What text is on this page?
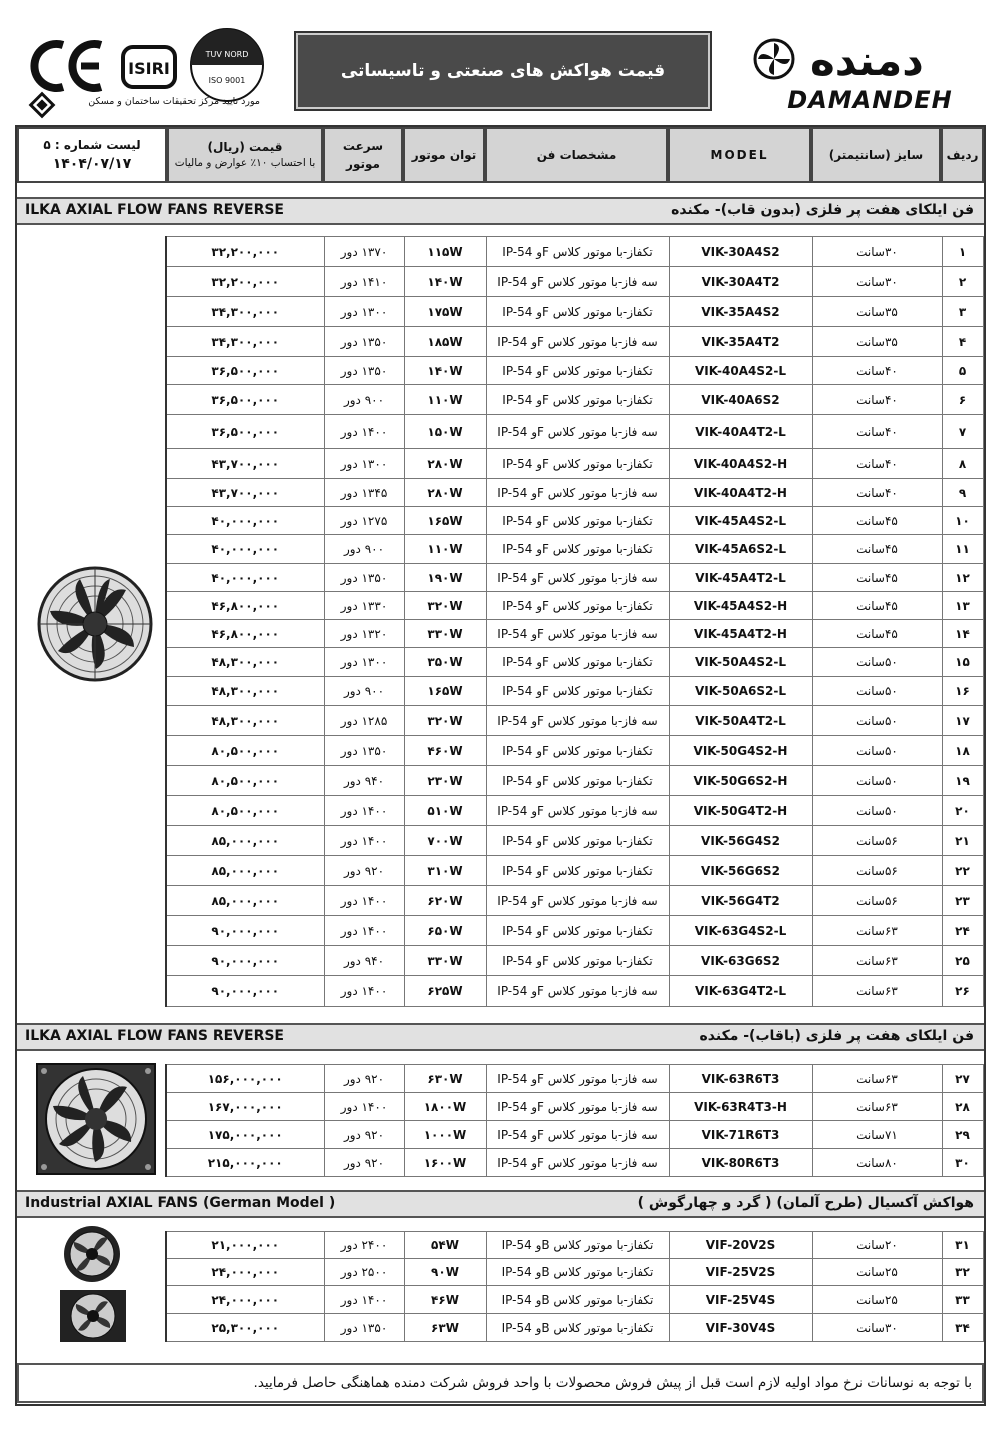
ISIRI
TUV NORD
ISO 9001
مورد تایید مرکز تحقیقات ساختمان و مسکن
قیمت هواکش های صنعتی و تاسیساتی	دمنده
DAMANDEH
لیست شماره : ۵
۱۴۰۴/۰۷/۱۷
قیمت (ریال)
با احتساب ۱۰٪ عوارض و مالیات
سرعت موتور
توان موتور	مشخصات فن	MODEL	سایز (سانتیمتر)	ردیف
ILKA AXIAL FLOW FANS REVERSE	فن ایلکای هفت پر فلزی (بدون قاب)- مکنده
۳۲,۲۰۰,۰۰۰	۱۳۷۰ دور	۱۱۵W	تکفاز-با موتور کلاس Fو IP-54	VIK-30A4S2	۳۰سانت	۱
۳۲,۲۰۰,۰۰۰	۱۴۱۰ دور	۱۴۰W	سه فاز-با موتور کلاس Fو IP-54	VIK-30A4T2	۳۰سانت	۲
۳۴,۳۰۰,۰۰۰	۱۳۰۰ دور	۱۷۵W	تکفاز-با موتور کلاس Fو IP-54	VIK-35A4S2	۳۵سانت	۳
۳۴,۳۰۰,۰۰۰	۱۳۵۰ دور	۱۸۵W	سه فاز-با موتور کلاس Fو IP-54	VIK-35A4T2	۳۵سانت	۴
۳۶,۵۰۰,۰۰۰	۱۳۵۰ دور	۱۴۰W	تکفاز-با موتور کلاس Fو IP-54	VIK-40A4S2-L	۴۰سانت	۵
۳۶,۵۰۰,۰۰۰	۹۰۰ دور	۱۱۰W	تکفاز-با موتور کلاس Fو IP-54	VIK-40A6S2	۴۰سانت	۶
۳۶,۵۰۰,۰۰۰	۱۴۰۰ دور	۱۵۰W	سه فاز-با موتور کلاس Fو IP-54	VIK-40A4T2-L	۴۰سانت	۷
۴۳,۷۰۰,۰۰۰	۱۳۰۰ دور	۲۸۰W	تکفاز-با موتور کلاس Fو IP-54	VIK-40A4S2-H	۴۰سانت	۸
۴۳,۷۰۰,۰۰۰	۱۳۴۵ دور	۲۸۰W	سه فاز-با موتور کلاس Fو IP-54	VIK-40A4T2-H	۴۰سانت	۹
۴۰,۰۰۰,۰۰۰	۱۲۷۵ دور	۱۶۵W	تکفاز-با موتور کلاس Fو IP-54	VIK-45A4S2-L	۴۵سانت	۱۰
۴۰,۰۰۰,۰۰۰	۹۰۰ دور	۱۱۰W	تکفاز-با موتور کلاس Fو IP-54	VIK-45A6S2-L	۴۵سانت	۱۱
۴۰,۰۰۰,۰۰۰	۱۳۵۰ دور	۱۹۰W	سه فاز-با موتور کلاس Fو IP-54	VIK-45A4T2-L	۴۵سانت	۱۲
۴۶,۸۰۰,۰۰۰	۱۳۳۰ دور	۳۲۰W	تکفاز-با موتور کلاس Fو IP-54	VIK-45A4S2-H	۴۵سانت	۱۳
۴۶,۸۰۰,۰۰۰	۱۳۲۰ دور	۳۳۰W	سه فاز-با موتور کلاس Fو IP-54	VIK-45A4T2-H	۴۵سانت	۱۴
۴۸,۳۰۰,۰۰۰	۱۳۰۰ دور	۳۵۰W	تکفاز-با موتور کلاس Fو IP-54	VIK-50A4S2-L	۵۰سانت	۱۵
۴۸,۳۰۰,۰۰۰	۹۰۰ دور	۱۶۵W	تکفاز-با موتور کلاس Fو IP-54	VIK-50A6S2-L	۵۰سانت	۱۶
۴۸,۳۰۰,۰۰۰	۱۲۸۵ دور	۳۲۰W	سه فاز-با موتور کلاس Fو IP-54	VIK-50A4T2-L	۵۰سانت	۱۷
۸۰,۵۰۰,۰۰۰	۱۳۵۰ دور	۴۶۰W	تکفاز-با موتور کلاس Fو IP-54	VIK-50G4S2-H	۵۰سانت	۱۸
۸۰,۵۰۰,۰۰۰	۹۴۰ دور	۲۳۰W	تکفاز-با موتور کلاس Fو IP-54	VIK-50G6S2-H	۵۰سانت	۱۹
۸۰,۵۰۰,۰۰۰	۱۴۰۰ دور	۵۱۰W	سه فاز-با موتور کلاس Fو IP-54	VIK-50G4T2-H	۵۰سانت	۲۰
۸۵,۰۰۰,۰۰۰	۱۴۰۰ دور	۷۰۰W	تکفاز-با موتور کلاس Fو IP-54	VIK-56G4S2	۵۶سانت	۲۱
۸۵,۰۰۰,۰۰۰	۹۲۰ دور	۳۱۰W	تکفاز-با موتور کلاس Fو IP-54	VIK-56G6S2	۵۶سانت	۲۲
۸۵,۰۰۰,۰۰۰	۱۴۰۰ دور	۶۲۰W	سه فاز-با موتور کلاس Fو IP-54	VIK-56G4T2	۵۶سانت	۲۳
۹۰,۰۰۰,۰۰۰	۱۴۰۰ دور	۶۵۰W	تکفاز-با موتور کلاس Fو IP-54	VIK-63G4S2-L	۶۳سانت	۲۴
۹۰,۰۰۰,۰۰۰	۹۴۰ دور	۳۳۰W	تکفاز-با موتور کلاس Fو IP-54	VIK-63G6S2	۶۳سانت	۲۵
۹۰,۰۰۰,۰۰۰	۱۴۰۰ دور	۶۲۵W	سه فاز-با موتور کلاس Fو IP-54	VIK-63G4T2-L	۶۳سانت	۲۶
ILKA AXIAL FLOW FANS REVERSE	فن ایلکای هفت پر فلزی (باقاب)- مکنده
۱۵۶,۰۰۰,۰۰۰	۹۲۰ دور	۶۳۰W	سه فاز-با موتور کلاس Fو IP-54	VIK-63R6T3	۶۳سانت	۲۷
۱۶۷,۰۰۰,۰۰۰	۱۴۰۰ دور	۱۸۰۰W	سه فاز-با موتور کلاس Fو IP-54	VIK-63R4T3-H	۶۳سانت	۲۸
۱۷۵,۰۰۰,۰۰۰	۹۲۰ دور	۱۰۰۰W	سه فاز-با موتور کلاس Fو IP-54	VIK-71R6T3	۷۱سانت	۲۹
۲۱۵,۰۰۰,۰۰۰	۹۲۰ دور	۱۶۰۰W	سه فاز-با موتور کلاس Fو IP-54	VIK-80R6T3	۸۰سانت	۳۰
Industrial AXIAL FANS (German Model )	هواکش آکسیال (طرح آلمان) ( گرد و چهارگوش )
۲۱,۰۰۰,۰۰۰	۲۴۰۰ دور	۵۴W	تکفاز-با موتور کلاس Bو IP-54	VIF-20V2S	۲۰سانت	۳۱
۲۴,۰۰۰,۰۰۰	۲۵۰۰ دور	۹۰W	تکفاز-با موتور کلاس Bو IP-54	VIF-25V2S	۲۵سانت	۳۲
۲۴,۰۰۰,۰۰۰	۱۴۰۰ دور	۴۶W	تکفاز-با موتور کلاس Bو IP-54	VIF-25V4S	۲۵سانت	۳۳
۲۵,۳۰۰,۰۰۰	۱۳۵۰ دور	۶۳W	تکفاز-با موتور کلاس Bو IP-54	VIF-30V4S	۳۰سانت	۳۴
با توجه به نوسانات نرخ مواد اولیه لازم است قبل از پیش فروش محصولات با واحد فروش شرکت دمنده هماهنگی حاصل فرمایید.
